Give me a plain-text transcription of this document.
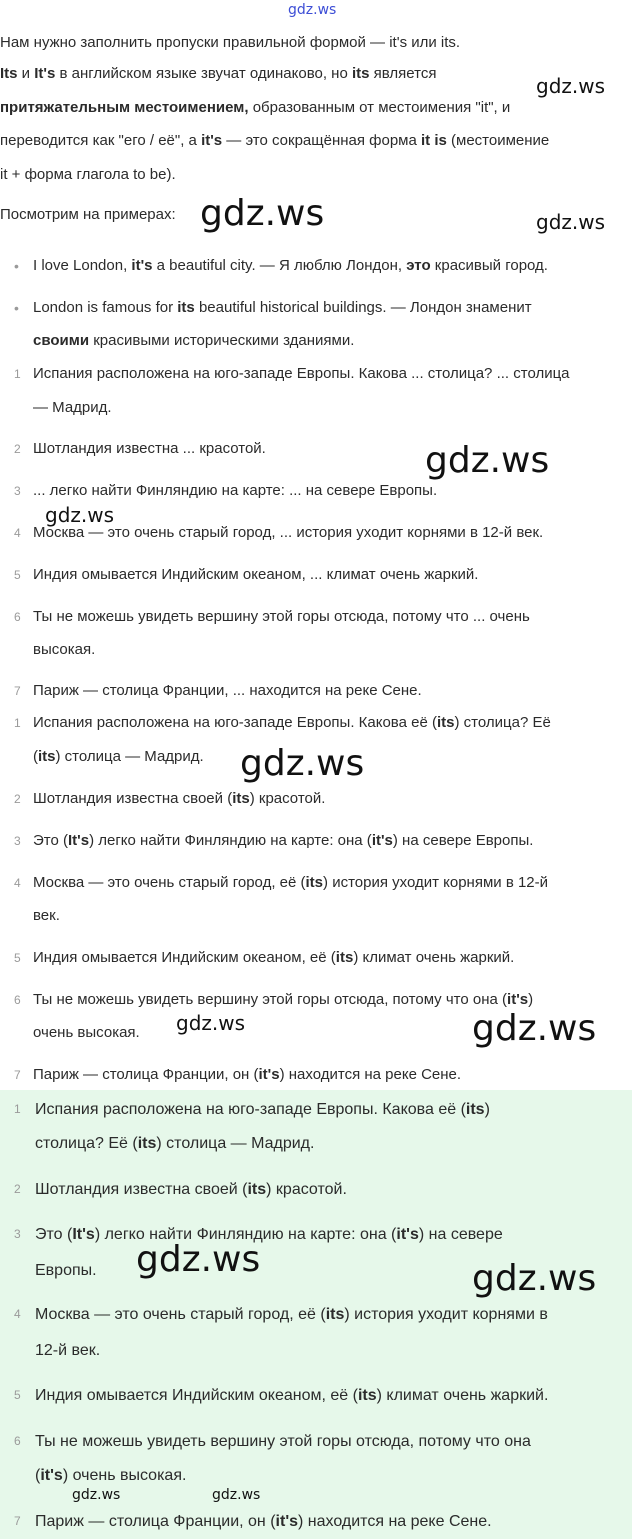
gdz.ws
Нам нужно заполнить пропуски правильной формой — it's или its.
Its и It's в английском языке звучат одинаково, но its является
притяжательным местоимением, образованным от местоимения "it", и
переводится как "его / её", а it's — это сокращённая форма it is (местоимение
it + форма глагола to be).
Посмотрим на примерах:
• I love London, it's a beautiful city. — Я люблю Лондон, это красивый город.
• London is famous for its beautiful historical buildings. — Лондон знаменит
своими красивыми историческими зданиями.
1 Испания расположена на юго-западе Европы. Какова ... столица? ... столица
— Мадрид.
2 Шотландия известна ... красотой.
3 ... легко найти Финляндию на карте: ... на севере Европы.
4 Москва — это очень старый город, ... история уходит корнями в 12-й век.
5 Индия омывается Индийским океаном, ... климат очень жаркий.
6 Ты не можешь увидеть вершину этой горы отсюда, потому что ... очень
высокая.
7 Париж — столица Франции, ... находится на реке Сене.
1 Испания расположена на юго-западе Европы. Какова её (its) столица? Её
(its) столица — Мадрид.
2 Шотландия известна своей (its) красотой.
3 Это (It's) легко найти Финляндию на карте: она (it's) на севере Европы.
4 Москва — это очень старый город, её (its) история уходит корнями в 12-й
век.
5 Индия омывается Индийским океаном, её (its) климат очень жаркий.
6 Ты не можешь увидеть вершину этой горы отсюда, потому что она (it's)
очень высокая.
7 Париж — столица Франции, он (it's) находится на реке Сене.
1 Испания расположена на юго-западе Европы. Какова её (its)
столица? Её (its) столица — Мадрид.
2 Шотландия известна своей (its) красотой.
3 Это (It's) легко найти Финляндию на карте: она (it's) на севере
Европы.
4 Москва — это очень старый город, её (its) история уходит корнями в
12-й век.
5 Индия омывается Индийским океаном, её (its) климат очень жаркий.
6 Ты не можешь увидеть вершину этой горы отсюда, потому что она
(it's) очень высокая.
7 Париж — столица Франции, он (it's) находится на реке Сене.
gdz.ws
gdz.ws	gdz.ws
gdz.ws
gdz.ws
gdz.ws
gdz.ws	gdz.ws
gdz.ws	gdz.ws
gdz.ws	gdz.ws
